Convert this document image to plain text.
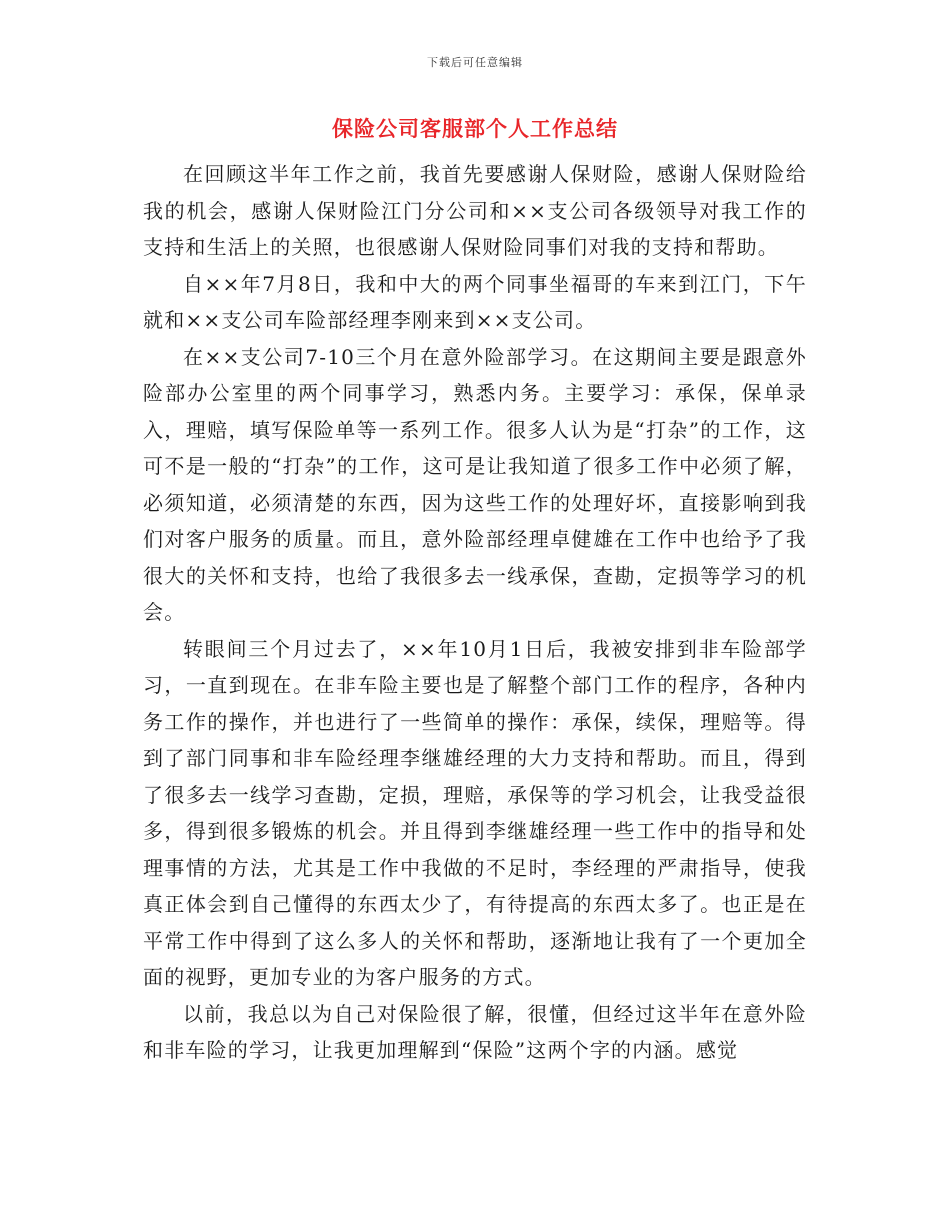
下载后可任意编辑
保险公司客服部个人工作总结

在回顾这半年工作之前，我首先要感谢人保财险，感谢人保财险给我的机会，感谢人保财险江门分公司和××支公司各级领导对我工作的支持和生活上的关照，也很感谢人保财险同事们对我的支持和帮助。

自××年7月8日，我和中大的两个同事坐福哥的车来到江门，下午就和××支公司车险部经理李刚来到××支公司。

在××支公司7-10三个月在意外险部学习。在这期间主要是跟意外险部办公室里的两个同事学习，熟悉内务。主要学习：承保，保单录入，理赔，填写保险单等一系列工作。很多人认为是“打杂”的工作，这可不是一般的“打杂”的工作，这可是让我知道了很多工作中必须了解，必须知道，必须清楚的东西，因为这些工作的处理好坏，直接影响到我们对客户服务的质量。而且，意外险部经理卓健雄在工作中也给予了我很大的关怀和支持，也给了我很多去一线承保，查勘，定损等学习的机会。

转眼间三个月过去了，××年10月1日后，我被安排到非车险部学习，一直到现在。在非车险主要也是了解整个部门工作的程序，各种内务工作的操作，并也进行了一些简单的操作：承保，续保，理赔等。得到了部门同事和非车险经理李继雄经理的大力支持和帮助。而且，得到了很多去一线学习查勘，定损，理赔，承保等的学习机会，让我受益很多，得到很多锻炼的机会。并且得到李继雄经理一些工作中的指导和处理事情的方法，尤其是工作中我做的不足时，李经理的严肃指导，使我真正体会到自己懂得的东西太少了，有待提高的东西太多了。也正是在平常工作中得到了这么多人的关怀和帮助，逐渐地让我有了一个更加全面的视野，更加专业的为客户服务的方式。

以前，我总以为自己对保险很了解，很懂，但经过这半年在意外险和非车险的学习，让我更加理解到“保险”这两个字的内涵。感觉
